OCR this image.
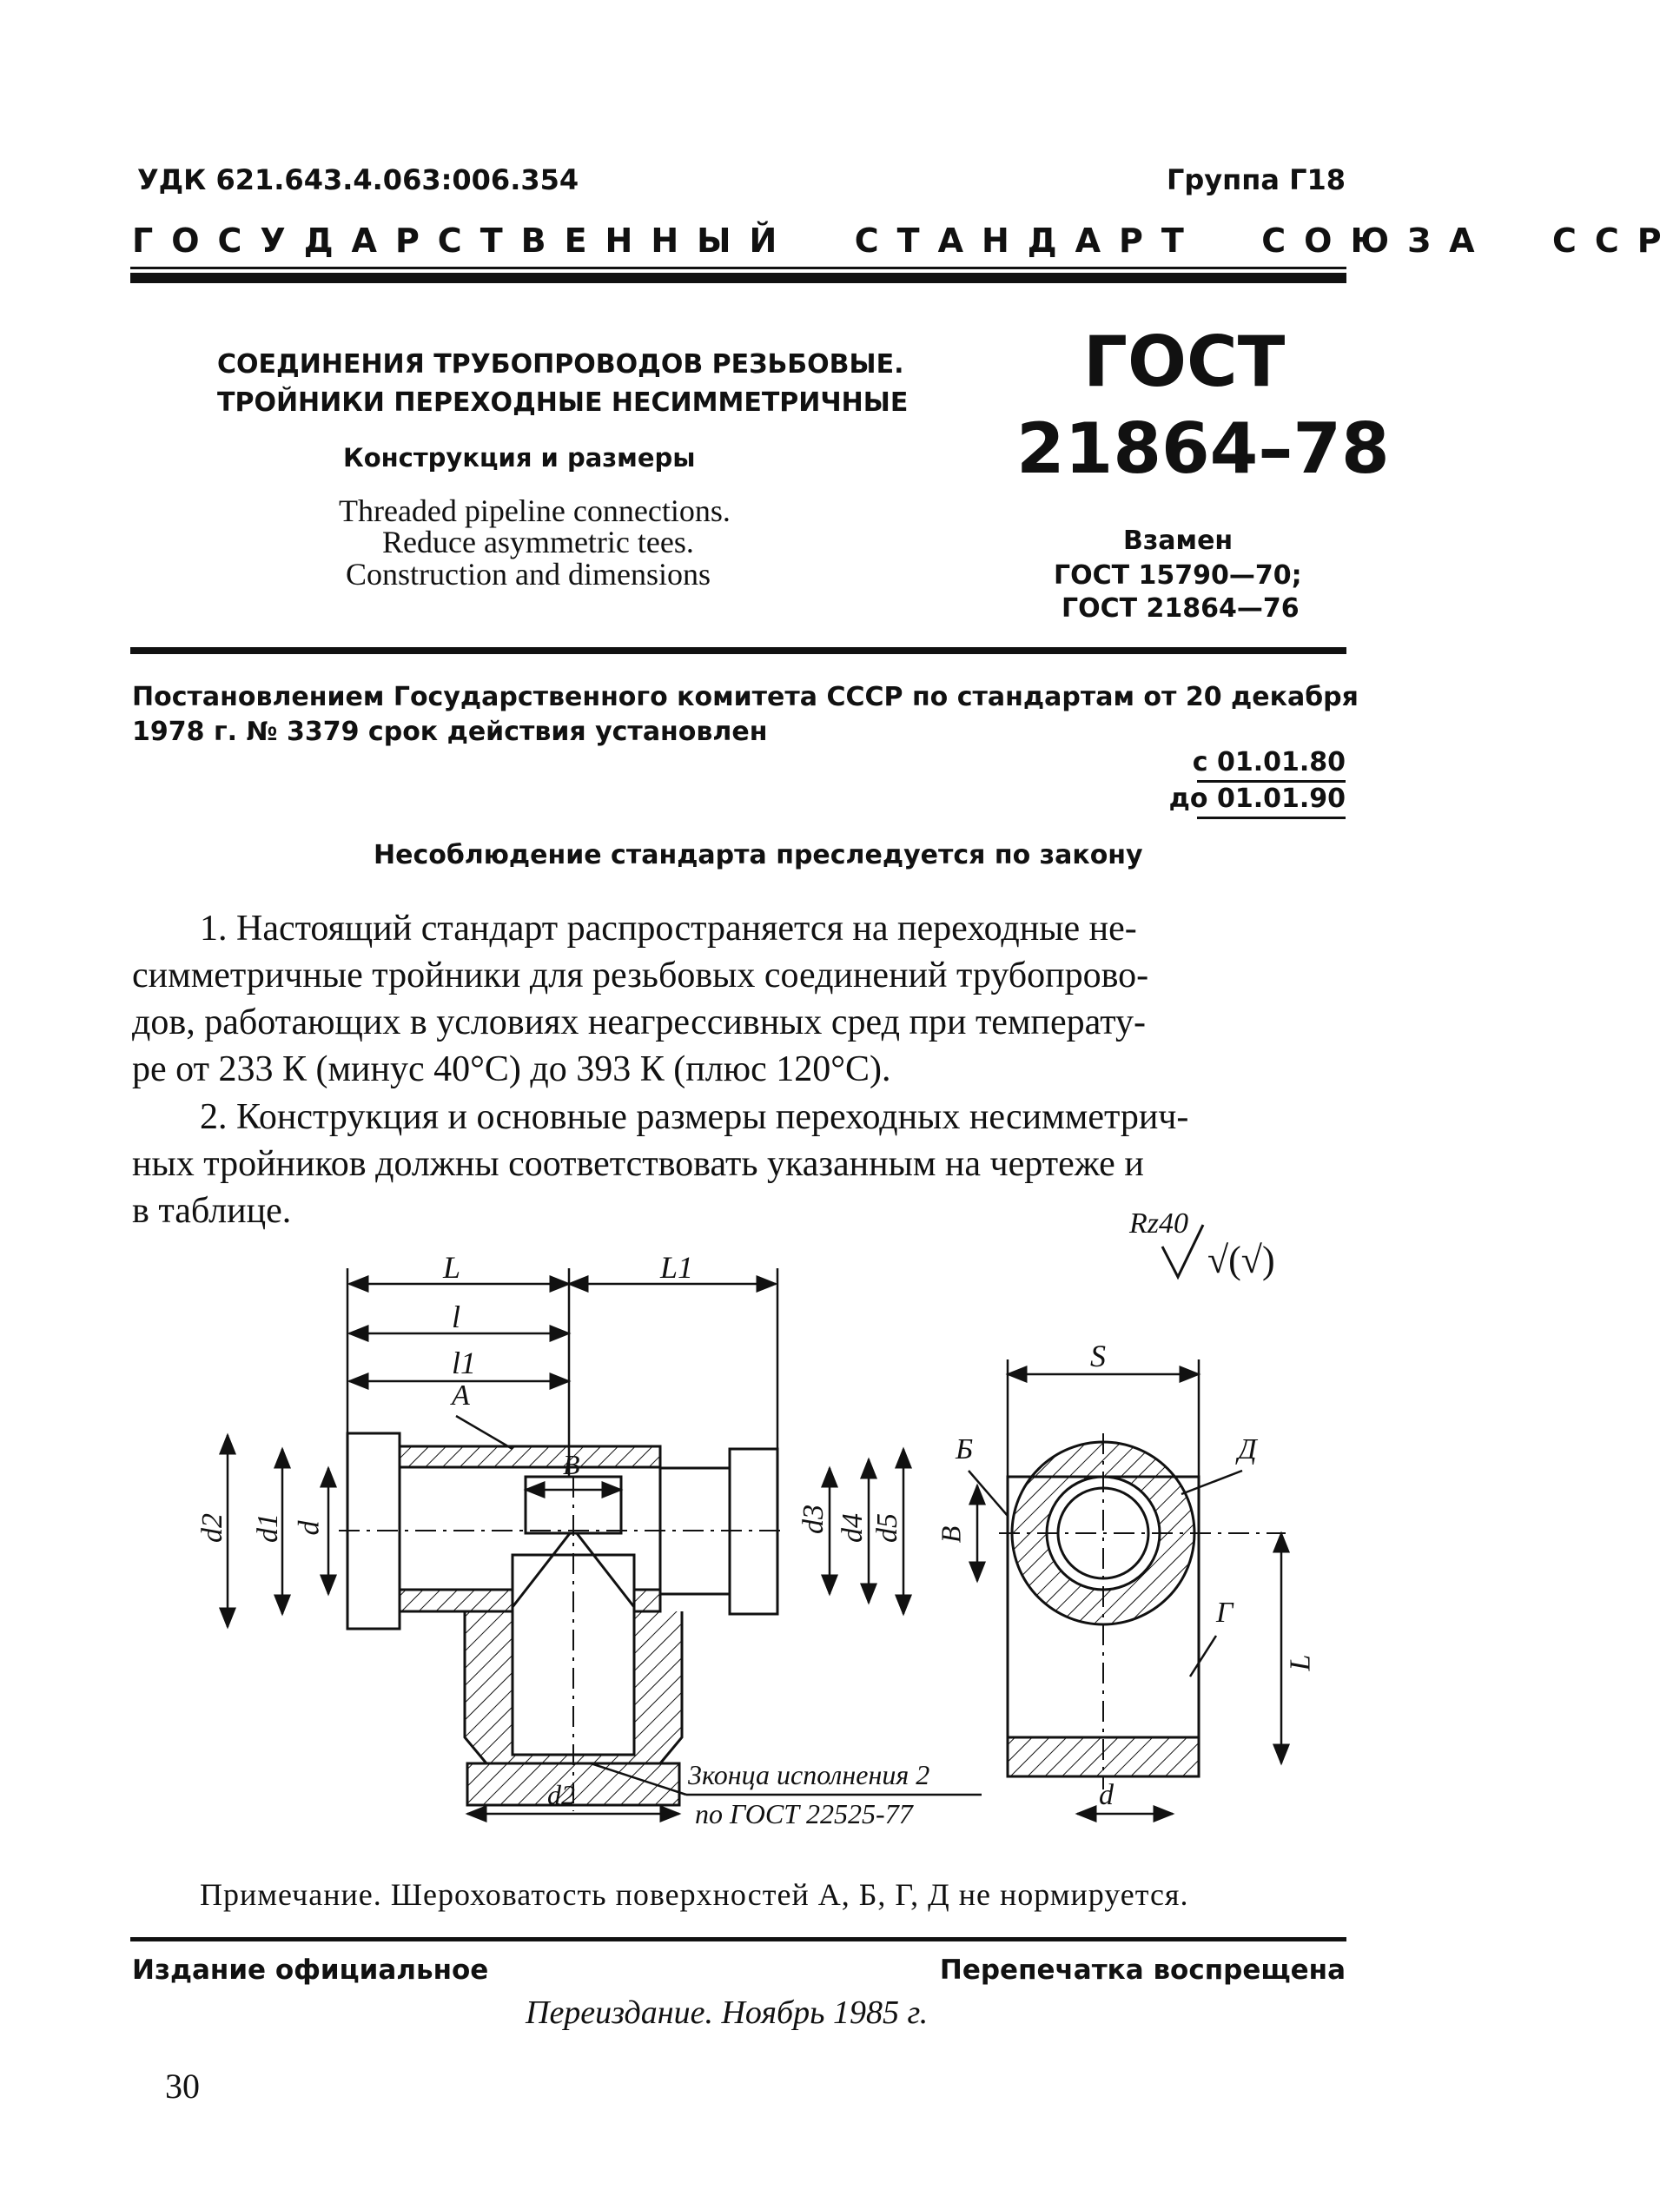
УДК 621.643.4.063:006.354	Группа Г18
ГОСУДАРСТВЕННЫЙ  СТАНДАРТ  СОЮЗА  ССР
СОЕДИНЕНИЯ ТРУБОПРОВОДОВ РЕЗЬБОВЫЕ.
ТРОЙНИКИ ПЕРЕХОДНЫЕ НЕСИММЕТРИЧНЫЕ
Конструкция и размеры
Threaded pipeline connections.
Reduce asymmetric tees.
Construction and dimensions
ГОСТ
21864–78
Взамен
ГОСТ 15790—70;
ГОСТ 21864—76
Постановлением Государственного комитета СССР по стандартам от 20 декабря
1978 г. № 3379 срок действия установлен
с 01.01.80
до 01.01.90
Несоблюдение стандарта преследуется по закону
1. Настоящий стандарт распространяется на переходные не-
симметричные тройники для резьбовых соединений трубопрово-
дов, работающих в условиях неагрессивных сред при температу-
ре от 233 К (минус 40°С) до 393 К (плюс 120°С).
2. Конструкция и основные размеры переходных несимметрич-
ных тройников должны соответствовать указанным на чертеже и
в таблице.	Rz40
√(√)
L	L1
l
l1
А
В
d2 d1 d	d3 d4 d5
d2
S
Б	Д
Г
В
L
d
3конца исполнения 2
по ГОСТ 22525-77
Примечание. Шероховатость поверхностей А, Б, Г, Д не нормируется.
Издание официальное	Перепечатка воспрещена
Переиздание. Ноябрь 1985 г.
30
